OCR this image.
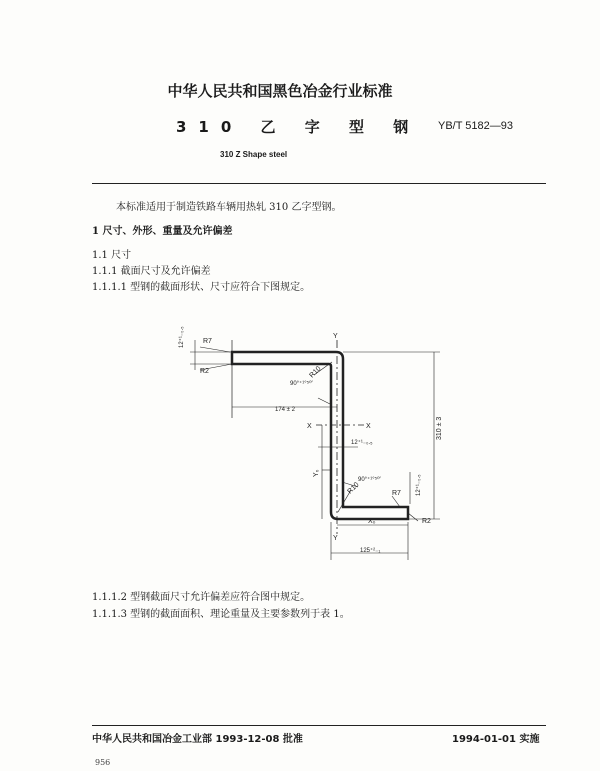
中华人民共和国黑色冶金行业标准
310 乙 字 型 钢 YB/T 5182—93
310 Z Shape steel
本标准适用于制造铁路车辆用热轧 310 乙字型钢。
1 尺寸、外形、重量及允许偏差
1.1 尺寸
1.1.1 截面尺寸及允许偏差
1.1.1.1 型钢的截面形状、尺寸应符合下图规定。
12⁺¹₋₀.₅	R7
R2	R10
90°⁺¹°⁵⁰′
174 ± 2
Y
X	X
12⁺¹₋₀.₅
310 ± 3
Y₀
R10
90°⁺¹°⁵⁰′
R7	12⁺¹₋₀.₅
X₀	R2
Y
125⁺²₋₁
1.1.1.2 型钢截面尺寸允许偏差应符合图中规定。
1.1.1.3 型钢的截面面积、理论重量及主要参数列于表 1。
中华人民共和国冶金工业部 1993-12-08 批准	1994-01-01 实施
956
